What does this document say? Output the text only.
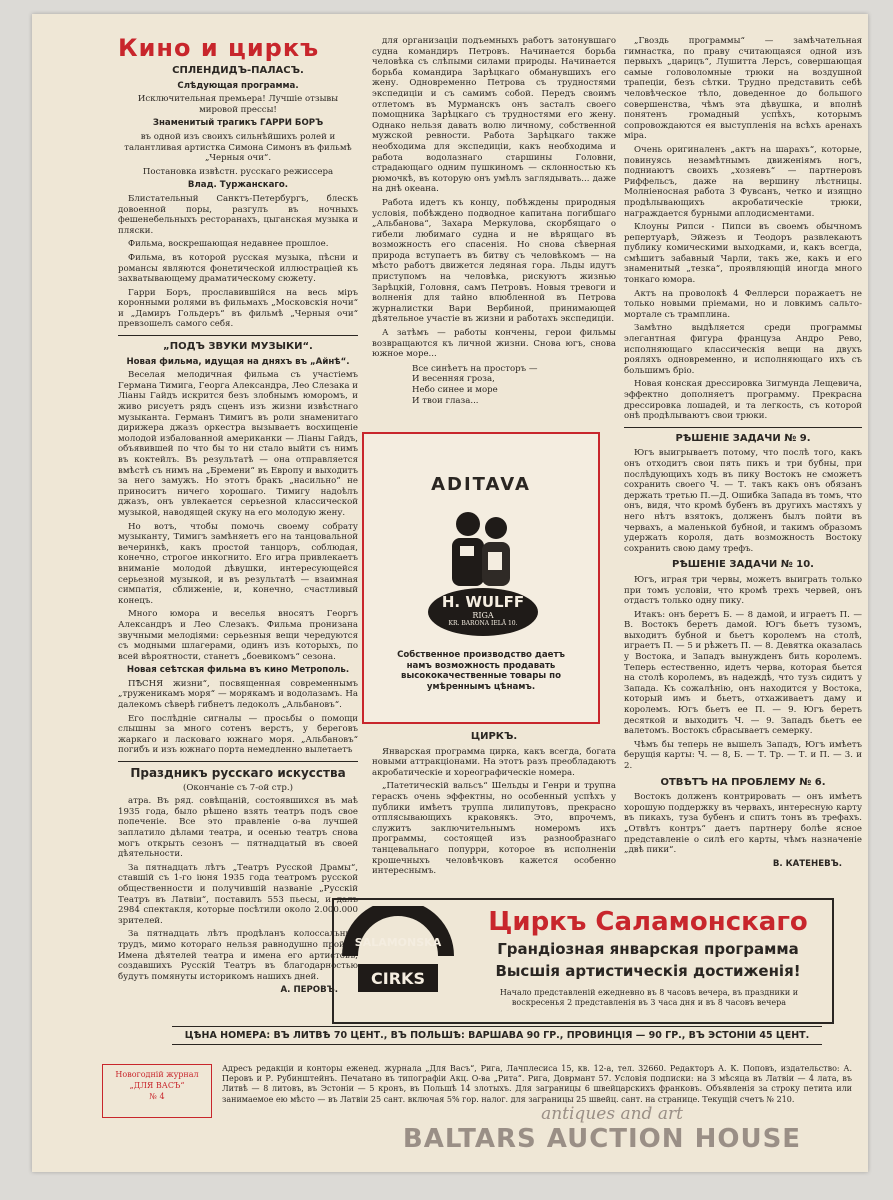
Кино и циркъ
СПЛЕНДИДЪ-ПАЛАСЪ.

Слѣдующая программа.

Исключительная премьера! Лучшіе отзывы мировой прессы!

Знаменитый трагикъ ГАРРИ БОРЪ

въ одной изъ своихъ сильнѣйшихъ ролей и талантливая артистка Симона Симонъ въ фильмѣ „Черныя очи“.

Постановка извѣстн. русскаго режиссера

Влад. Туржанскаго.

Блистательный Санктъ-Петербургъ, блескъ довоенной поры, разгулъ въ ночныхъ фешенебельныхъ ресторанахъ, цыганская музыка и пляски.

Фильма, воскрешающая недавнее прошлое.

Фильма, въ которой русская музыка, пѣсни и романсы являются фонетической иллюстраціей къ захватывающему драматическому сюжету.

Гарри Боръ, прославившійся на весь міръ коронными ролями въ фильмахъ „Московскія ночи“ и „Дамиръ Гольдеръ“ въ фильмѣ „Черныя очи“ превзошелъ самого себя.

„ПОДЪ ЗВУКИ МУЗЫКИ“.

Новая фильма, идущая на дняхъ въ „Айнѣ“.

Веселая мелодичная фильма съ участіемъ Германа Тимига, Георга Александра, Лео Слезака и Лiаны Гайдъ искрится безъ злобнымъ юморомъ, и живо рисуетъ рядъ сценъ изъ жизни извѣстнаго музыканта. Германъ Тимигъ въ роли знаменитаго дирижера джазъ оркестра вызываетъ восхищеніе молодой избалованной американки — Ліаны Гайдъ, объявившей по что бы то ни стало выйти съ нимъ въ коктейлъ. Въ результатѣ — она отправляется вмѣстѣ съ нимъ на „Бремени“ въ Европу и выходитъ за него замужъ. Но этотъ бракъ „насильно“ не приноситъ ничего хорошаго. Тимигу надоѣлъ джазъ, онъ увлекается серьезной классической музыкой, наводящей скуку на его молодую жену.

Но вотъ, чтобы помочь своему собрату музыканту, Тимигъ замѣняетъ его на танцовальной вечеринкѣ, какъ простой танцоръ, соблюдая, конечно, строгое инкогнито. Его игра привлекаетъ вниманіе молодой дѣвушки, интересующейся серьезной музыкой, и въ результатѣ — взаимная симпатія, сближеніе, и, конечно, счастливый конецъ.

Много юмора и веселья вносятъ Георгъ Александръ и Лео Слезакъ. Фильма пронизана звучными мелодіями: серьезныя вещи чередуются съ модными шлагерами, одинъ изъ которыхъ, по всей вѣроятности, станетъ „боевикомъ“ сезона.

Новая сеѣтская фильма въ кино Метрополь.

ПѢСНЯ жизни“, посвященная современнымъ „труженикамъ моря“ — морякамъ и водолазамъ. На далекомъ сѣверѣ гибнетъ ледоколъ „Альбановъ“.

Его послѣдніе сигналы — просьбы о помощи слышны за много сотенъ верстъ, у береговъ жаркаго и ласковаго южнаго моря. „Альбановъ“ погибъ и изъ южнаго порта немедленно вылетаетъ

Праздникъ русскаго искусства

(Окончаніе съ 7-ой стр.)

атра. Въ ряд. совѣщаній, состоявшихся въ маѣ 1935 года, было рѣшено взять театръ подъ свое попеченіе. Все это правленіе о-ва лучшей заплатило дѣлами театра, и осенью театръ снова могъ открыть сезонъ — пятнадцатый въ своей дѣятельности.

За пятнадцать лѣтъ „Театръ Русской Драмы“, ставшій съ 1-го іюня 1935 года театромъ русской общественности и получившій названіе „Русскій Театръ въ Латвіи“, поставилъ 553 пьесы, и далъ 2984 спектакля, которые посѣтили около 2.000.000 зрителей.

За пятнадцать лѣтъ продѣланъ колоссальный трудъ, мимо котораго нельзя равнодушно пройти. Имена дѣятелей театра и имена его артистовъ, создавшихъ Русскій Театръ въ благодарностью будутъ помянуты историкомъ нашихъ дней.

А. ПЕРОВЪ.

для организаціи подъемныхъ работъ затонувшаго судна командиръ Петровъ. Начинается борьба человѣка съ слѣпыми силами природы. Начинается борьба командира Зарѣцкаго обманувшихъ его жену. Одновременно Петрова съ трудностями экспедиціи и съ самимъ собой. Передъ своимъ отлетомъ въ Мурманскъ онъ засталъ своего помощника Зарѣцкаго съ трудностями его жену. Однако нельзя давать волю личному, собственной мужской ревности. Работа Зарѣцкаго также необходима для экспедиціи, какъ необходима и работа водолазнаго старшины Головни, страдающаго одним пушкиномъ — склонностью къ рюмочкѣ, въ которую онъ умѣлъ заглядывать... даже на днѣ океана.

Работа идетъ къ концу, побѣждены природныя условія, побѣждено подводное капитана погибшаго „Альбанова“, Захара Меркулова, скорбящаго о гибели любимаго судна и не вѣрящаго въ возможность его спасенія. Но снова сѣверная природа вступаетъ въ битву съ человѣкомъ — на мѣсто работъ движется ледяная гора. Льды идутъ приступомъ на человѣка, рискуютъ жизнью Зарѣцкій, Головня, самъ Петровъ. Новыя тревоги и волненія для тайно влюбленной въ Петрова журналистки Вари Вербиной, принимающей дѣятельное участіе въ жизни и работахъ экспедиціи.

А затѣмъ — работы кончены, герои фильмы возвращаются къ личной жизни. Снова югъ, снова южное море...

Все синѣетъ на просторъ —
И весенняя гроза,
Небо синее и море
И твои глаза...
ЦИРКЪ.

Январская программа цирка, какъ всегда, богата новыми аттракціонами. На этотъ разъ преобладаютъ акробатическіе и хореографическіе номера.

„Патетическій вальсъ“ Шельды и Генри и трупна гераскъ очень эффектны, но особенный успѣхъ у публики имѣетъ труппа лилипутовъ, прекрасно отплясывающихъ краковякъ. Это, впрочемъ, служитъ заключительнымъ номеромъ ихъ программы, состоящей изъ разнообразнаго танцевальнаго попурри, которое въ исполненіи крошечныхъ человѣчковъ кажется особенно интереснымъ.

„Гвоздь программы“ — замѣчательная гимнастка, по праву считающаяся одной изъ первыхъ „царицъ“, Лушитта Лерсъ, совершающая самые головоломные трюки на воздушной трапеціи, безъ сѣтки. Трудно представить себѣ человѣческое тѣло, доведенное до большого совершенства, чѣмъ эта дѣвушка, и вполнѣ понятенъ громадный успѣхъ, которымъ сопровождаются ея выступленія на всѣхъ аренахъ міра.

Очень оригиналенъ „актъ на шарахъ“, которые, повинуясь незамѣтнымъ движеніямъ ногъ, подниаютъ своихъ „хозяевъ“ — партнеровъ Риффельсъ, даже на вершину лѣстницы. Молніеносная работа 3 Фувсанъ, четко и изящно продѣлывающихъ акробатическіе трюки, награждается бурными аплодисментами.

Клоуны Рипси - Пипси въ своемъ обычномъ репертуарѣ, Эйжезъ и Теодоръ развлекаютъ публику комическими выходками, и, какъ всегда, смѣшитъ забавный Чарли, такъ же, какъ и его знаменитый „тезка“, проявляющій иногда много тонкаго юмора.

Актъ на проволокѣ 4 Феллерси поражаетъ не только новыми пріемами, но и ловкимъ сальто-мортале съ трамплина.

Замѣтно выдѣляется среди программы элегантная фигура француза Андро Рево, исполняющаго классическія вещи на двухъ рояляхъ одновременно, и исполняющаго ихъ съ большимъ бріо.

Новая конская дрессировка Зигмунда Лещевича, эффектно дополняетъ программу. Прекрасна дрессировка лошадей, и та легкость, съ которой онѣ продѣлываютъ свои трюки.

РѢШЕНІЕ ЗАДАЧИ № 9.

Югъ выигрываетъ потому, что послѣ того, какъ онъ отходитъ свои пять пикъ и три бубны, при послѣдующихъ ходъ въ пику Востокъ не сможетъ сохранить своего Ч. — Т. такъ какъ онъ обязанъ держать третью П.—Д. Ошибка Запада въ томъ, что онъ, видя, что кромѣ бубенъ въ другихъ мастяхъ у него нѣтъ взятокъ, долженъ былъ пойти въ червахъ, а маленькой бубной, и такимъ образомъ удержать короля, дать возможность Востоку сохранить свою даму трефъ.

РѢШЕНІЕ ЗАДАЧИ № 10.

Югъ, играя три червы, можетъ выиграть только при томъ условіи, что кромѣ трехъ червей, онъ отдастъ только одну пику.

Итакъ: онъ беретъ Б. — 8 дамой, и играетъ П. — В. Востокъ беретъ дамой. Югъ бьетъ тузомъ, выходитъ бубной и бьетъ королемъ на столѣ, играетъ П. — 5 и рѣжетъ П. — 8. Девятка оказалась у Востока, и Западъ вынужденъ бить королемъ. Теперь естественно, идетъ черва, которая бьется на столѣ королемъ, въ надеждѣ, что тузъ сидитъ у Запада. Къ сожалѣнію, онъ находится у Востока, который имъ и бьетъ, отхаживаетъ даму и королемъ. Югъ бьетъ ее П. — 9. Югъ беретъ десяткой и выходитъ Ч. — 9. Западъ бьетъ ее валетомъ. Востокъ сбрасываетъ семерку.

Чѣмъ бы теперь не вышелъ Западъ, Югъ имѣетъ берущія карты: Ч. — 8, Б. — Т. Тр. — Т. и П. — 3. и 2.

ОТВѢТЪ НА ПРОБЛЕМУ № 6.

Востокъ долженъ контрировать — онъ имѣетъ хорошую поддержку въ червахъ, интересную карту въ пикахъ, туза бубенъ и спитъ тонъ въ трефахъ. „Отвѣтъ контръ“ даетъ партнеру болѣе ясное представленіе о силѣ его карты, чѣмъ назначеніе „двѣ пики“.

В. КАТЕНЕВЪ.
ADITAVA
H. WULFF
RIGA
KR. BARONA IELĀ 10.
Собственное производство даетъ намъ возможность продавать высококачественные товары по умѣреннымъ цѣнамъ.
SALAMONSKA
CIRKS
Циркъ Саламонскаго
Грандіозная январская программа
Высшія артистическія достиженія!
Начало представленій ежедневно въ 8 часовъ вечера, въ праздники и воскресенья 2 представленія въ 3 часа дня и въ 8 часовъ вечера
ЦѢНА НОМЕРА: ВЪ ЛИТВѢ 70 ЦЕНТ., ВЪ ПОЛЬШѢ: ВАРШАВА 90 ГР., ПРОВИНЦІЯ — 90 ГР., ВЪ ЭСТОНІИ 45 ЦЕНТ.
Новогодній журнал
„ДЛЯ ВАСЪ“
№ 4
Адресъ редакціи и конторы еженед. журнала „Для Васъ“, Рига, Лачплесиса 15, кв. 12-а, тел. 32660. Редакторъ А. К. Поповъ, издательство: А. Перовъ и Р. Рубинштейнъ. Печатано въ типографіи Акц. О-ва „Рита“. Рига, Доврмант 57. Условія подписки: на 3 мѣсяца въ Латвіи — 4 лата, въ Литвѣ — 8 литовъ, въ Эстоніи — 5 кронъ, въ Польшѣ 14 злотыхъ. Для заграницы 6 швейцарскихъ франковъ. Объявленія за строку петита или занимаемое ею мѣсто — въ Латвіи 25 сант. включая 5% гор. налог. для заграницы 25 швейц. сант. на странице. Текущій счетъ № 210.
antiques and art
BALTARS AUCTION HOUSE
